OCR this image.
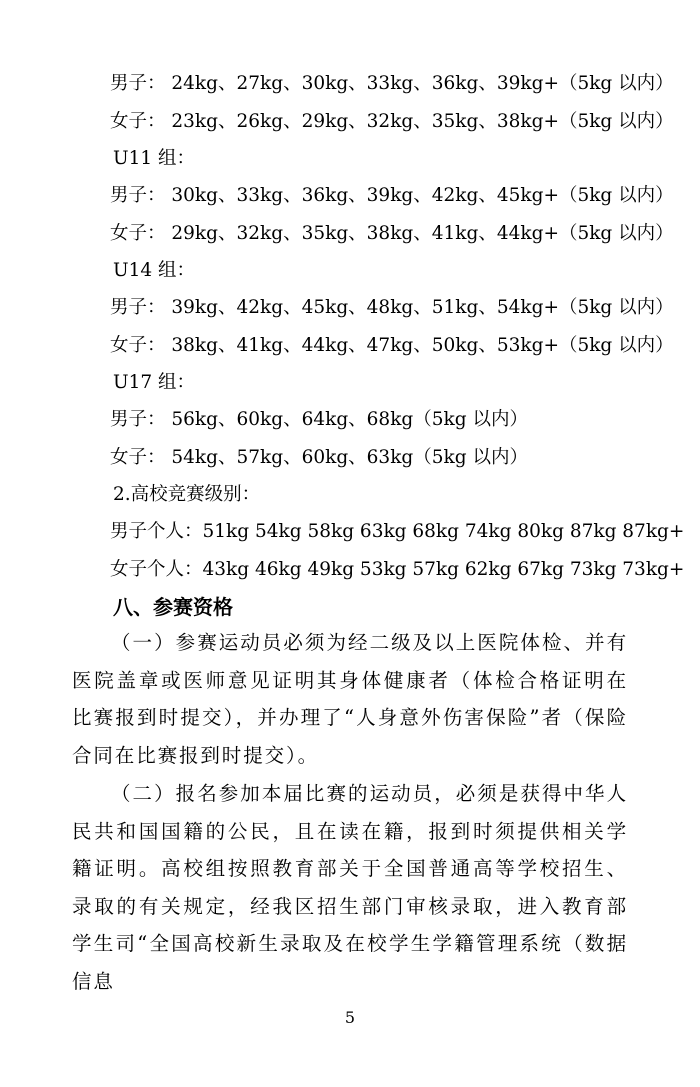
男子： 24kg、27kg、30kg、33kg、36kg、39kg+（5kg 以内）
女子： 23kg、26kg、29kg、32kg、35kg、38kg+（5kg 以内）
U11 组：
男子： 30kg、33kg、36kg、39kg、42kg、45kg+（5kg 以内）
女子： 29kg、32kg、35kg、38kg、41kg、44kg+（5kg 以内）
U14 组：
男子： 39kg、42kg、45kg、48kg、51kg、54kg+（5kg 以内）
女子： 38kg、41kg、44kg、47kg、50kg、53kg+（5kg 以内）
U17 组：
男子： 56kg、60kg、64kg、68kg（5kg 以内）
女子： 54kg、57kg、60kg、63kg（5kg 以内）
2.高校竞赛级别：
男子个人：51kg 54kg 58kg 63kg 68kg 74kg 80kg 87kg 87kg+
女子个人：43kg 46kg 49kg 53kg 57kg 62kg 67kg 73kg 73kg+
八、参赛资格
（一）参赛运动员必须为经二级及以上医院体检、并有医院盖章或医师意见证明其身体健康者（体检合格证明在比赛报到时提交），并办理了“人身意外伤害保险”者（保险合同在比赛报到时提交）。
（二）报名参加本届比赛的运动员，必须是获得中华人民共和国国籍的公民，且在读在籍，报到时须提供相关学籍证明。高校组按照教育部关于全国普通高等学校招生、录取的有关规定，经我区招生部门审核录取，进入教育部学生司“全国高校新生录取及在校学生学籍管理系统（数据信息
5
